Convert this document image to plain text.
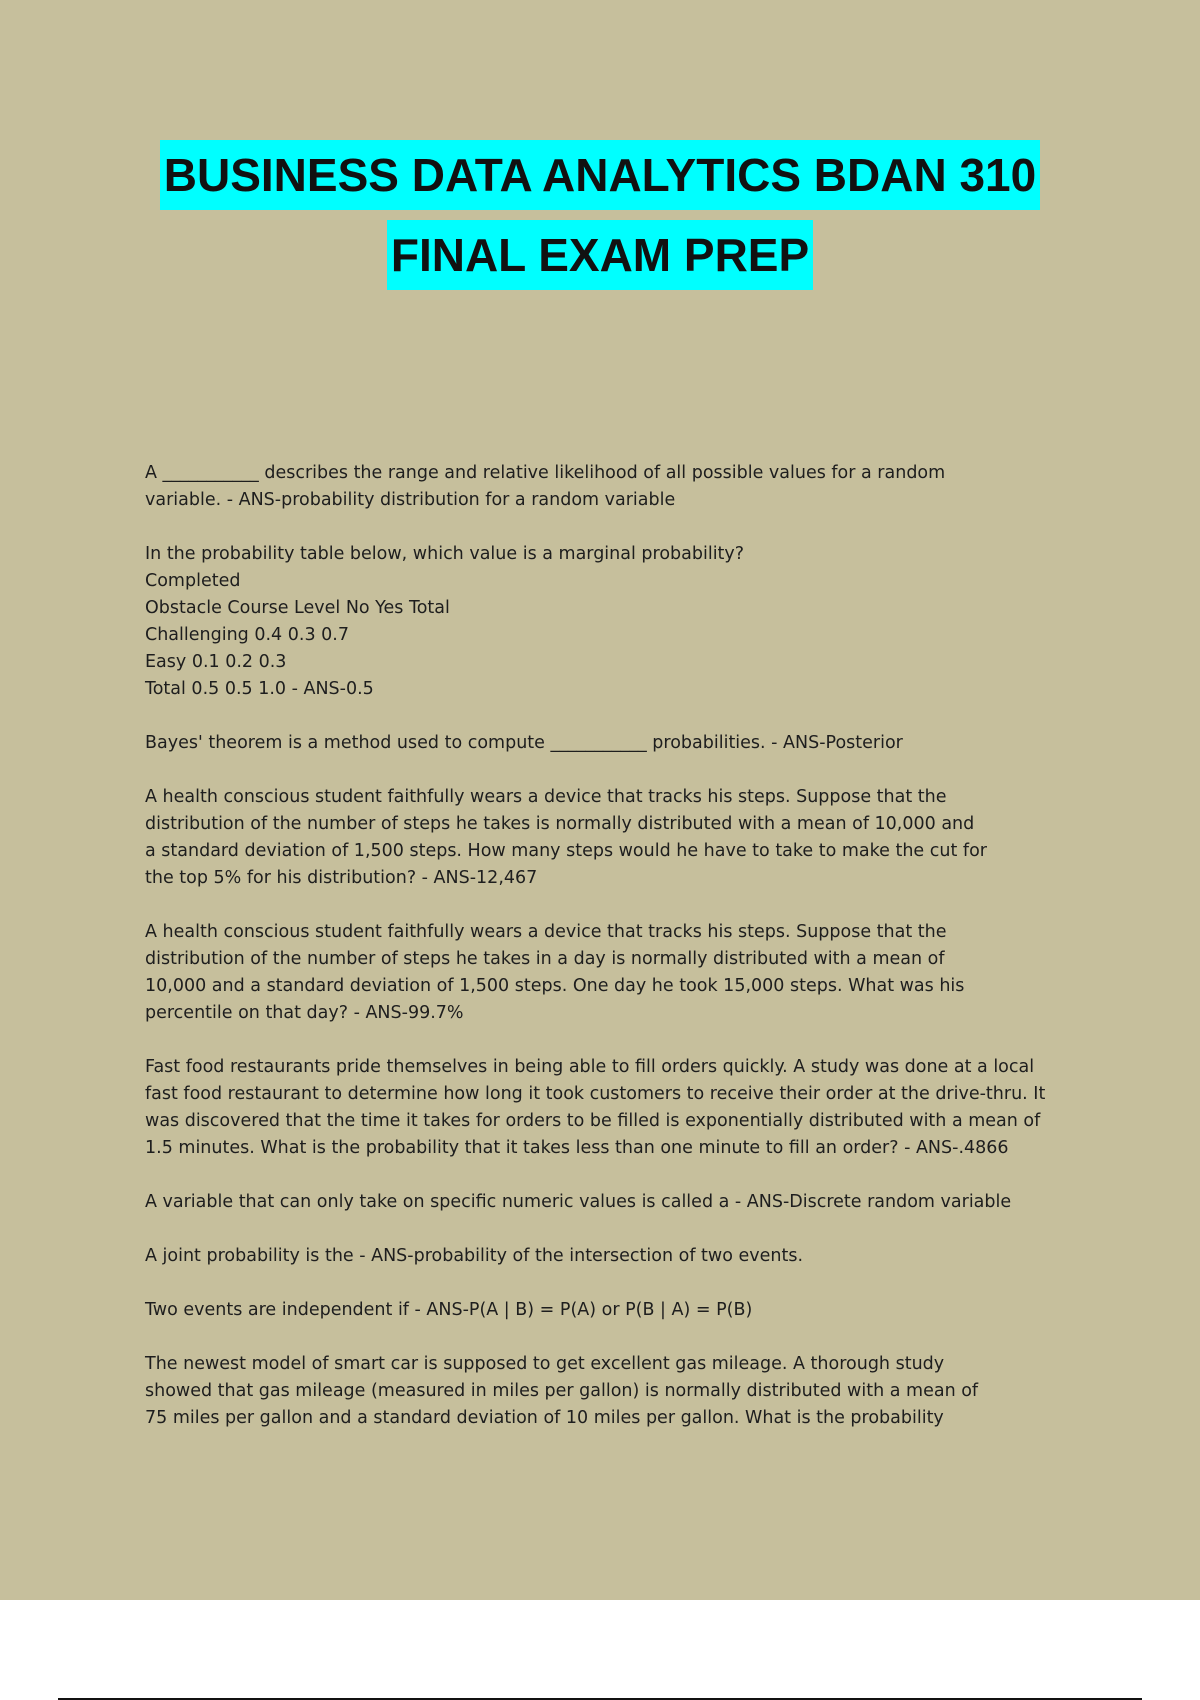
BUSINESS DATA ANALYTICS BDAN 310
FINAL EXAM PREP
A ___________ describes the range and relative likelihood of all possible values for a random
variable. - ANS-probability distribution for a random variable
In the probability table below, which value is a marginal probability?
Completed
Obstacle Course Level No Yes Total
Challenging 0.4 0.3 0.7
Easy 0.1 0.2 0.3
Total 0.5 0.5 1.0 - ANS-0.5
Bayes' theorem is a method used to compute ___________ probabilities. - ANS-Posterior
A health conscious student faithfully wears a device that tracks his steps. Suppose that the
distribution of the number of steps he takes is normally distributed with a mean of 10,000 and
a standard deviation of 1,500 steps. How many steps would he have to take to make the cut for
the top 5% for his distribution? - ANS-12,467
A health conscious student faithfully wears a device that tracks his steps. Suppose that the
distribution of the number of steps he takes in a day is normally distributed with a mean of
10,000 and a standard deviation of 1,500 steps. One day he took 15,000 steps. What was his
percentile on that day? - ANS-99.7%
Fast food restaurants pride themselves in being able to fill orders quickly. A study was done at a local
fast food restaurant to determine how long it took customers to receive their order at the drive-thru. It
was discovered that the time it takes for orders to be filled is exponentially distributed with a mean of
1.5 minutes. What is the probability that it takes less than one minute to fill an order? - ANS-.4866
A variable that can only take on specific numeric values is called a - ANS-Discrete random variable
A joint probability is the - ANS-probability of the intersection of two events.
Two events are independent if - ANS-P(A | B) = P(A) or P(B | A) = P(B)
The newest model of smart car is supposed to get excellent gas mileage. A thorough study
showed that gas mileage (measured in miles per gallon) is normally distributed with a mean of
75 miles per gallon and a standard deviation of 10 miles per gallon. What is the probability
